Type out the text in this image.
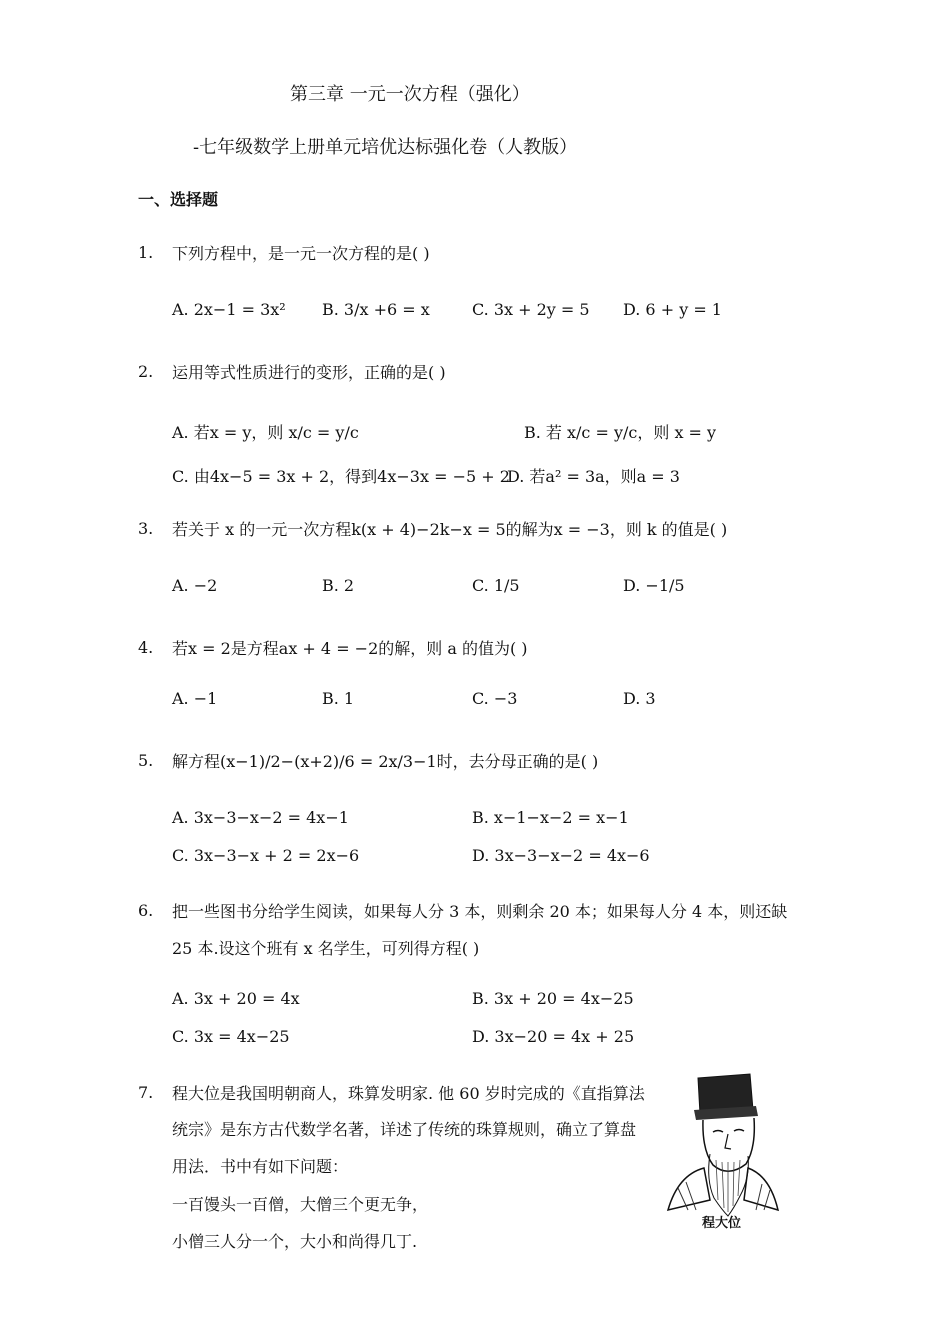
第三章 一元一次方程（强化）
-七年级数学上册单元培优达标强化卷（人教版）
一、选择题
1. 下列方程中，是一元一次方程的是( )
A. 2x−1 = 3x² B. 3/x +6 = x	C. 3x + 2y = 5 D. 6 + y = 1
2. 运用等式性质进行的变形，正确的是( )
A. 若x = y，则 x/c = y/c	B. 若 x/c = y/c，则 x = y
C. 由4x−5 = 3x + 2，得到4x−3x = −5 + 2
D. 若a² = 3a，则a = 3
3. 若关于 x 的一元一次方程k(x + 4)−2k−x = 5的解为x = −3，则 k 的值是( )
A. −2	B. 2	C. 1/5	D. −1/5
4. 若x = 2是方程ax + 4 = −2的解，则 a 的值为( )
A. −1	B. 1	C. −3	D. 3
5. 解方程(x−1)/2−(x+2)/6 = 2x/3−1时，去分母正确的是( )
A. 3x−3−x−2 = 4x−1	B. x−1−x−2 = x−1
C. 3x−3−x + 2 = 2x−6	D. 3x−3−x−2 = 4x−6
6. 把一些图书分给学生阅读，如果每人分 3 本，则剩余 20 本；如果每人分 4 本，则还缺
25 本.设这个班有 x 名学生，可列得方程( )
A. 3x + 20 = 4x	B. 3x + 20 = 4x−25
C. 3x = 4x−25	D. 3x−20 = 4x + 25
7. 程大位是我国明朝商人，珠算发明家. 他 60 岁时完成的《直指算法
统宗》是东方古代数学名著，详述了传统的珠算规则，确立了算盘
用法．书中有如下问题：
一百馒头一百僧，大僧三个更无争，
小僧三人分一个，大小和尚得几丁.
程大位
